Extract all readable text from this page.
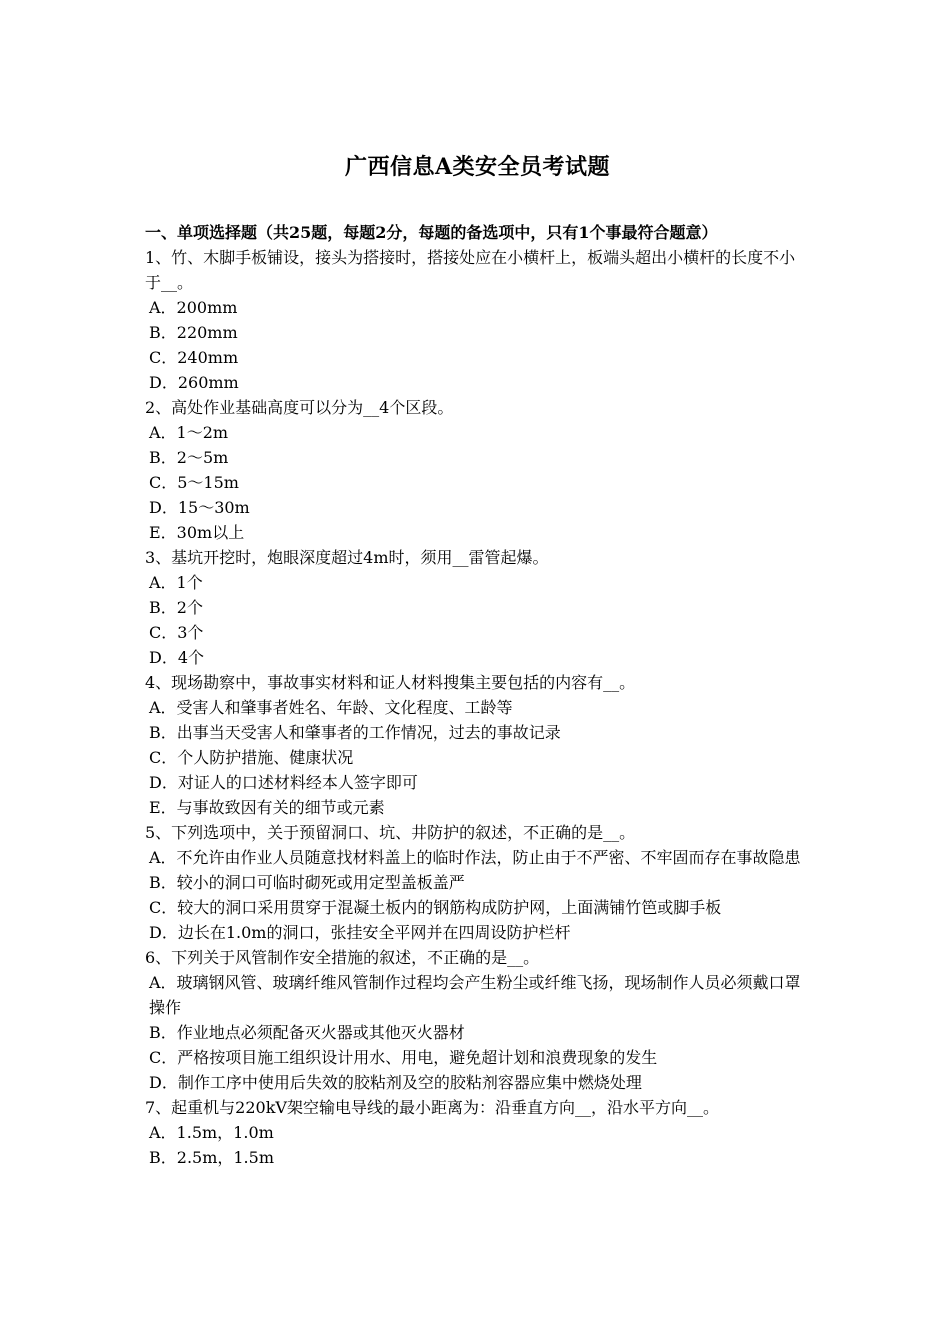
广西信息A类安全员考试题

一、单项选择题（共25题，每题2分，每题的备选项中，只有1个事最符合题意）

1、竹、木脚手板铺设，接头为搭接时，搭接处应在小横杆上，板端头超出小横杆的长度不小于__。

A．200mm

B．220mm

C．240mm

D．260mm

2、高处作业基础高度可以分为__4个区段。

A．1～2m

B．2～5m

C．5～15m

D．15～30m

E．30m以上

3、基坑开挖时，炮眼深度超过4m时，须用__雷管起爆。

A．1个

B．2个

C．3个

D．4个

4、现场勘察中，事故事实材料和证人材料搜集主要包括的内容有__。

A．受害人和肇事者姓名、年龄、文化程度、工龄等

B．出事当天受害人和肇事者的工作情况，过去的事故记录

C．个人防护措施、健康状况

D．对证人的口述材料经本人签字即可

E．与事故致因有关的细节或元素

5、下列选项中，关于预留洞口、坑、井防护的叙述，不正确的是__。

A．不允许由作业人员随意找材料盖上的临时作法，防止由于不严密、不牢固而存在事故隐患

B．较小的洞口可临时砌死或用定型盖板盖严

C．较大的洞口采用贯穿于混凝土板内的钢筋构成防护网，上面满铺竹笆或脚手板

D．边长在1.0m的洞口，张挂安全平网并在四周设防护栏杆

6、下列关于风管制作安全措施的叙述，不正确的是__。

A．玻璃钢风管、玻璃纤维风管制作过程均会产生粉尘或纤维飞扬，现场制作人员必须戴口罩操作

B．作业地点必须配备灭火器或其他灭火器材

C．严格按项目施工组织设计用水、用电，避免超计划和浪费现象的发生

D．制作工序中使用后失效的胶粘剂及空的胶粘剂容器应集中燃烧处理

7、起重机与220kV架空输电导线的最小距离为：沿垂直方向__，沿水平方向__。

A．1.5m，1.0m

B．2.5m，1.5m
